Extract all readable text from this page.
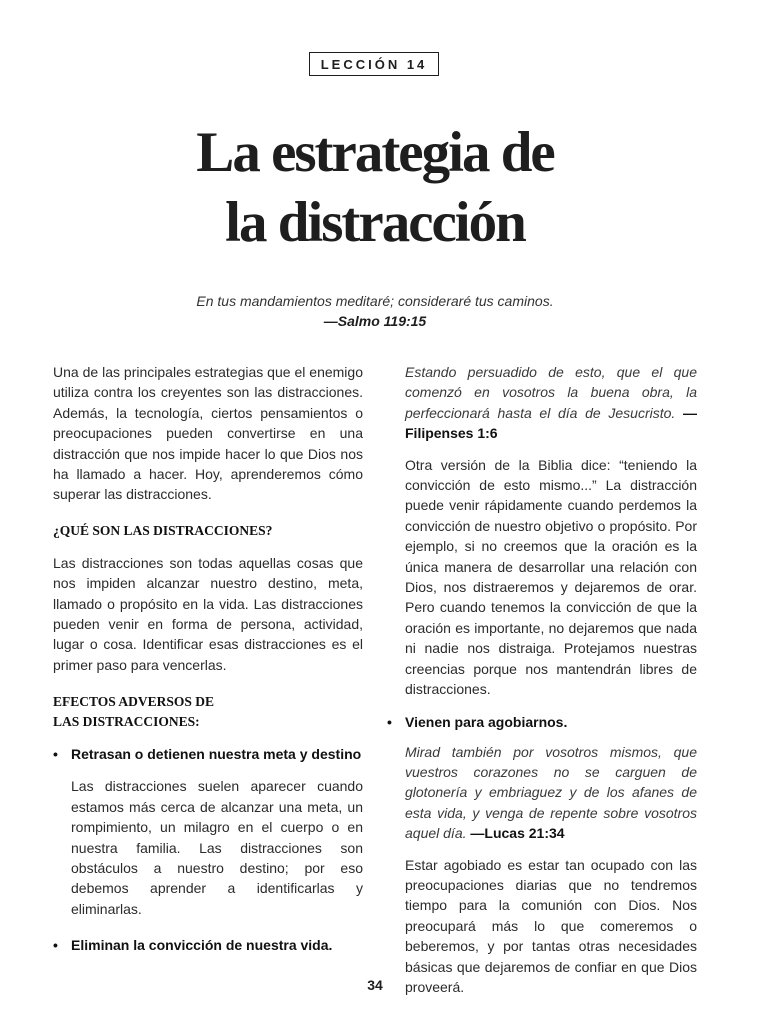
LECCIÓN 14
La estrategia de
la distracción
En tus mandamientos meditaré; consideraré tus caminos.
—Salmo 119:15

Una de las principales estrategias que el enemigo utiliza contra los creyentes son las distracciones. Además, la tecnología, ciertos pensamientos o preocupaciones pueden convertirse en una distracción que nos impide hacer lo que Dios nos ha llamado a hacer. Hoy, aprenderemos cómo superar las distracciones.

¿QUÉ SON LAS DISTRACCIONES?

Las distracciones son todas aquellas cosas que nos impiden alcanzar nuestro destino, meta, llamado o propósito en la vida. Las distracciones pueden venir en forma de persona, actividad, lugar o cosa. Identificar esas distracciones es el primer paso para vencerlas.

EFECTOS ADVERSOS DE

LAS DISTRACCIONES:

• Retrasan o detienen nuestra meta y destino

Las distracciones suelen aparecer cuando estamos más cerca de alcanzar una meta, un rompimiento, un milagro en el cuerpo o en nuestra familia. Las distracciones son obstáculos a nuestro destino; por eso debemos aprender a identificarlas y eliminarlas.

• Eliminan la convicción de nuestra vida.

Estando persuadido de esto, que el que comenzó en vosotros la buena obra, la perfeccionará hasta el día de Jesucristo. —Filipenses 1:6

Otra versión de la Biblia dice: “teniendo la convicción de esto mismo...” La distracción puede venir rápidamente cuando perdemos la convicción de nuestro objetivo o propósito. Por ejemplo, si no creemos que la oración es la única manera de desarrollar una relación con Dios, nos distraeremos y dejaremos de orar. Pero cuando tenemos la convicción de que la oración es importante, no dejaremos que nada ni nadie nos distraiga. Protejamos nuestras creencias porque nos mantendrán libres de distracciones.

• Vienen para agobiarnos.

Mirad también por vosotros mismos, que vuestros corazones no se carguen de glotonería y embriaguez y de los afanes de esta vida, y venga de repente sobre vosotros aquel día. —Lucas 21:34

Estar agobiado es estar tan ocupado con las preocupaciones diarias que no tendremos tiempo para la comunión con Dios. Nos preocupará más lo que comeremos o beberemos, y por tantas otras necesidades básicas que dejaremos de confiar en que Dios proveerá.

34
